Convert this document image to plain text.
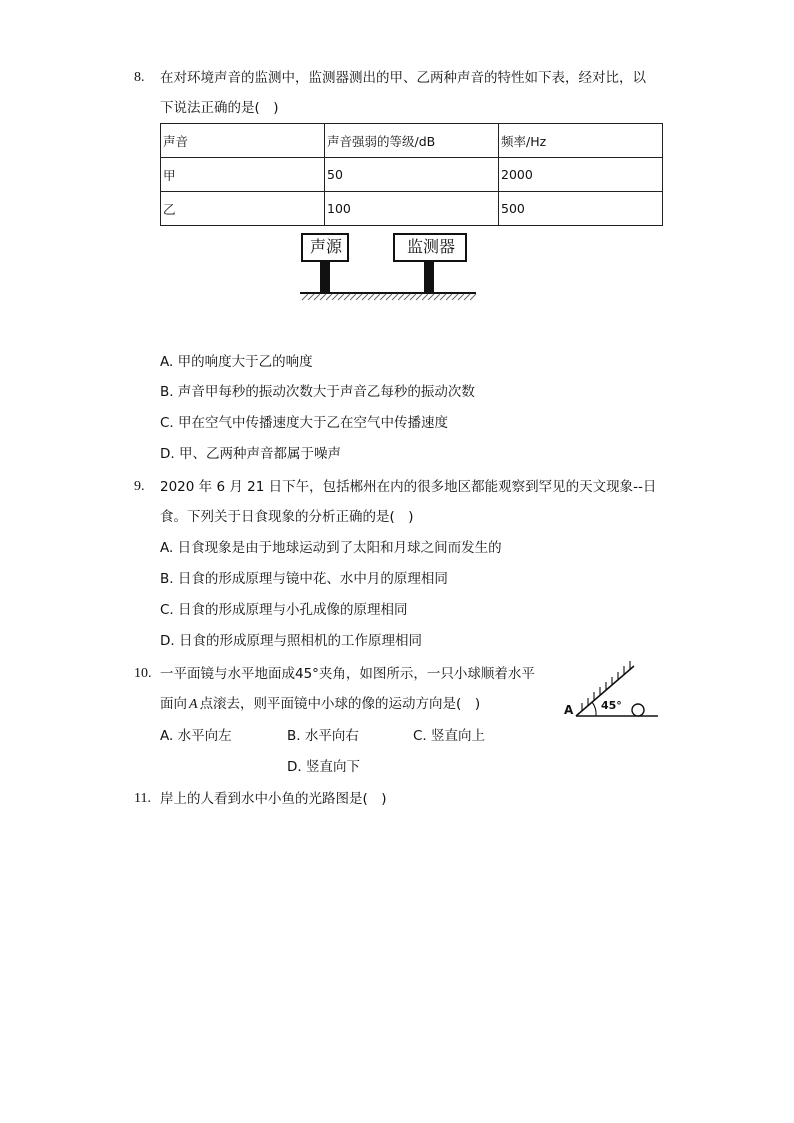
8. 在对环境声音的监测中，监测器测出的甲、乙两种声音的特性如下表，经对比，以
下说法正确的是(　)
声音	声音强弱的等级/dB	频率/Hz
甲	50	2000
乙	100	500
声源	监测器
A. 甲的响度大于乙的响度
B. 声音甲每秒的振动次数大于声音乙每秒的振动次数
C. 甲在空气中传播速度大于乙在空气中传播速度
D. 甲、乙两种声音都属于噪声
9. 2020 年 6 月 21 日下午，包括郴州在内的很多地区都能观察到罕见的天文现象--日
食。下列关于日食现象的分析正确的是(　)
A. 日食现象是由于地球运动到了太阳和月球之间而发生的
B. 日食的形成原理与镜中花、水中月的原理相同
C. 日食的形成原理与小孔成像的原理相同
D. 日食的形成原理与照相机的工作原理相同
10. 一平面镜与水平地面成45°夹角，如图所示，一只小球顺着水平
面向 A 点滚去，则平面镜中小球的像的运动方向是(　)	A	45°
A. 水平向左	B. 水平向右	C. 竖直向上
D. 竖直向下
11. 岸上的人看到水中小鱼的光路图是(　)
